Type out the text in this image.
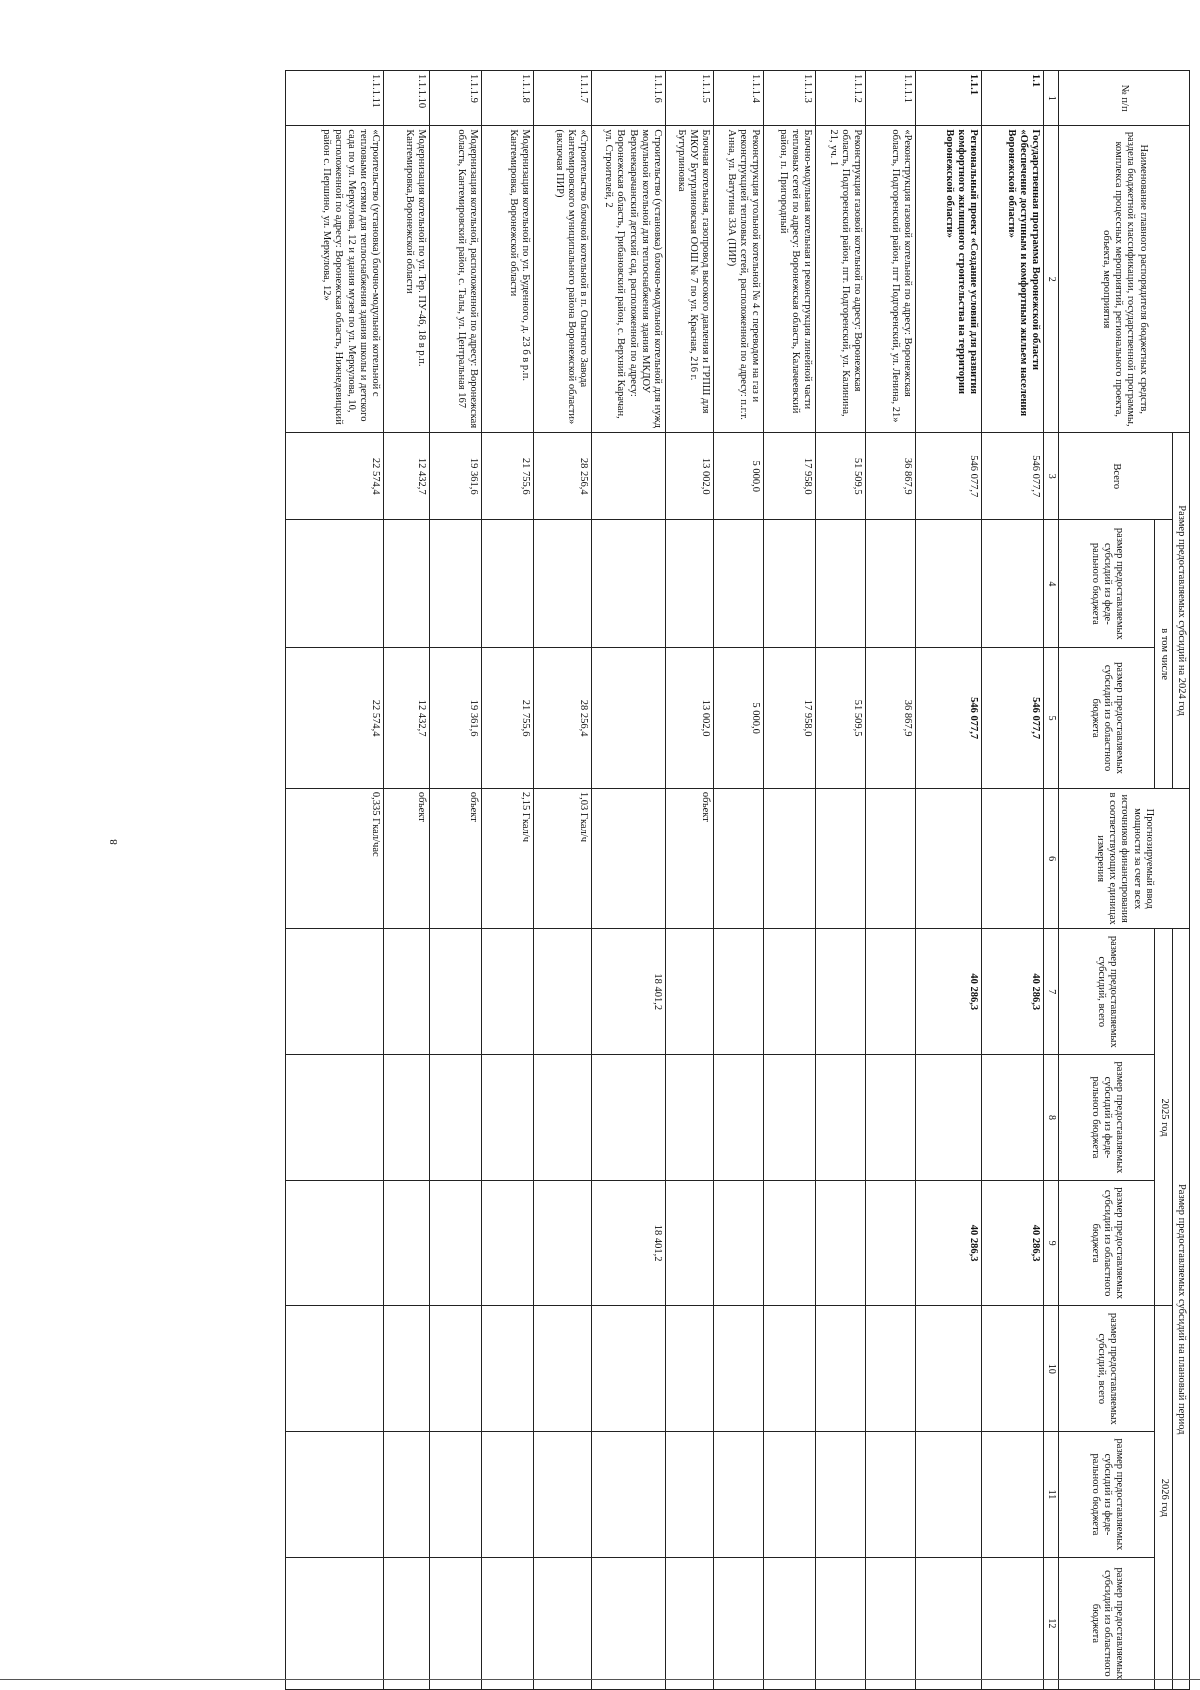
8
№ п/п	Наименование главного распорядителя бюджетных средств, раздела бюджетной классификации, государственной программы, комплекса процессных мероприятий, регионального проекта, объекта, мероприятия	Размер предоставляемых субсидий на 2024 год			Прогнозируемый ввод мощности за счет всех источников финансирования в соответствующих единицах измерения	Размер предоставляемых субсидий на плановый период					
		Всего	в том числе			2025 год			2026 год		
			размер предоставляемых субсидий из феде-рального бюджета	размер предоставляемых субсидий из областного бюджета		размер предоставляемых субсидий, всего	размер предоставляемых субсидий из феде-рального бюджета	размер предоставляемых субсидий из областного бюджета	размер предоставляемых субсидий, всего	размер предоставляемых субсидий из феде-рального бюджета	размер предоставляемых субсидий из областного бюджета
1	2	3	4	5	6	7	8	9	10	11	12
1.1	Государственная программа Воронежской области «Обеспечение доступным и комфортным жильем населения Воронежской области»	546 077,7		546 077,7		40 286,3		40 286,3			
1.1.1	Региональный проект «Создание условий для развития комфортного жилищного строительства на территории Воронежской области»	546 077,7		546 077,7		40 286,3		40 286,3			
1.1.1.1	«Реконструкция газовой котельной по адресу: Воронежская область, Подгоренский район, пгт Подгоренский, ул. Ленина, 21»	36 867,9		36 867,9							
1.1.1.2	Реконструкция газовой котельной по адресу: Воронежская область, Подгоренский район, пгт. Подгоренский, ул. Калинина, 21, уч. 1	51 509,5		51 509,5							
1.1.1.3	Блочно-модульная котельная и реконструкция линейной части тепловых сетей по адресу: Воронежская область, Калачеевский район, п. Пригородный	17 958,0		17 958,0							
1.1.1.4	Реконструкция угольной котельной № 4 с переводом на газ и реконструкцией тепловых сетей, расположенной по адресу: п.г.т. Анна, ул. Ватутина 33А (ПИР)	5 000,0		5 000,0							
1.1.1.5	Блочная котельная, газопровод высокого давления и ГРПШ для МКОУ Бутурлиновская ООШ № 7 по ул. Красная, 216 г. Бутурлиновка	13 002,0		13 002,0	объект						
1.1.1.6	Строительство (установка) блочно-модульной котельной для нужд модульной котельной для теплоснабжения здания МКДОУ Верхнекарачанский детский сад, расположенной по адресу: Воронежская область, Грибановский район, с. Верхний Карачан, ул. Строителей, 2					18 401,2		18 401,2			
1.1.1.7	«Строительство блочной котельной в п. Опытного Завода Кантемировского муниципального района Воронежской области» (включая ПИР)	28 256,4		28 256,4	1,03 Гкал/ч						
1.1.1.8	Модернизация котельной по ул. Буденного, д. 23 б в р.п. Кантемировка, Воронежской области	21 755,6		21 755,6	2,15 Гкал/ч						
1.1.1.9	Модернизация котельной, расположенной по адресу: Воронежская область, Кантемировский район, с. Талы, ул. Центральная 167	19 361,6		19 361,6	объект						
1.1.1.10	Модернизация котельной по ул. Тер. ПУ-46, 18 в р.п. Кантемировка,Воронежской области	12 432,7		12 432,7	объект						
1.1.1.11	«Строительство (установка) блочно-модульной котельной с тепловыми сетями для теплоснабжения здания школы и детского сада по ул. Меркулова, 12 и здания музея по ул. Меркулова, 10, расположенной по адресу: Воронежская область, Нижнедевицкий район с. Першино, ул. Меркулова, 12»	22 574,4		22 574,4	0,335 Гкал/час						
